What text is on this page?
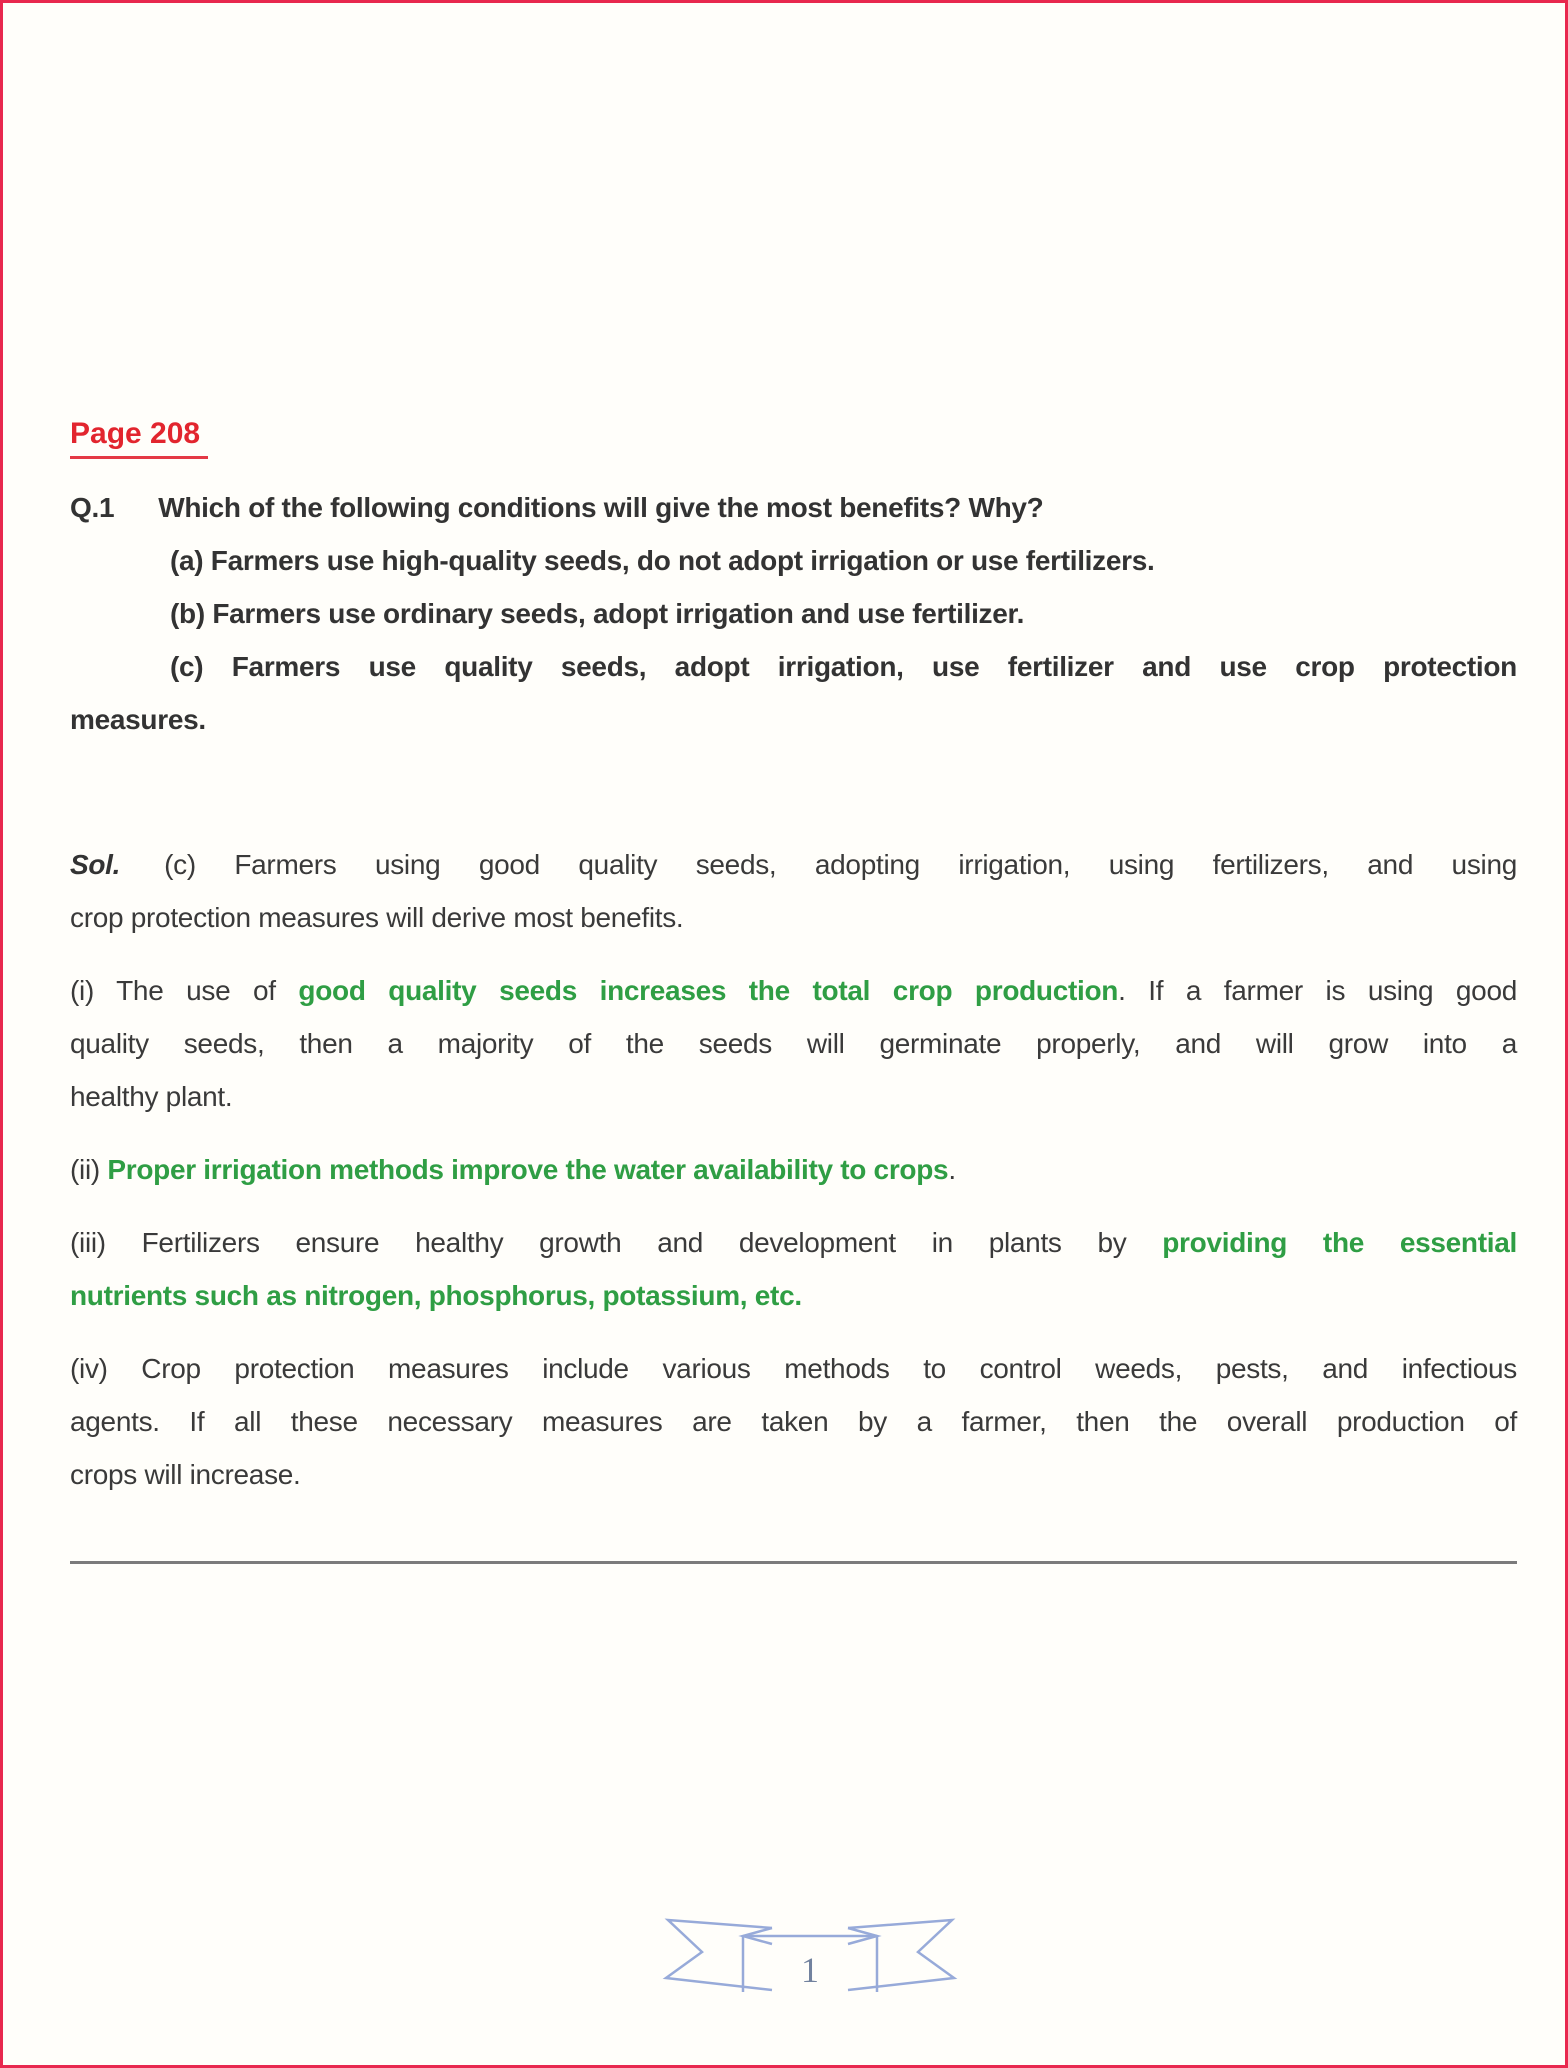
Page 208
Q.1 Which of the following conditions will give the most benefits? Why?
(a) Farmers use high-quality seeds, do not adopt irrigation or use fertilizers.
(b) Farmers use ordinary seeds, adopt irrigation and use fertilizer.
(c) Farmers use quality seeds, adopt irrigation, use fertilizer and use crop protection
measures.
Sol. (c) Farmers using good quality seeds, adopting irrigation, using fertilizers, and using
crop protection measures will derive most benefits.
(i) The use of good quality seeds increases the total crop production. If a farmer is using good
quality seeds, then a majority of the seeds will germinate properly, and will grow into a
healthy plant.
(ii) Proper irrigation methods improve the water availability to crops.
(iii) Fertilizers ensure healthy growth and development in plants by providing the essential
nutrients such as nitrogen, phosphorus, potassium, etc.
(iv) Crop protection measures include various methods to control weeds, pests, and infectious
agents. If all these necessary measures are taken by a farmer, then the overall production of
crops will increase.
1
